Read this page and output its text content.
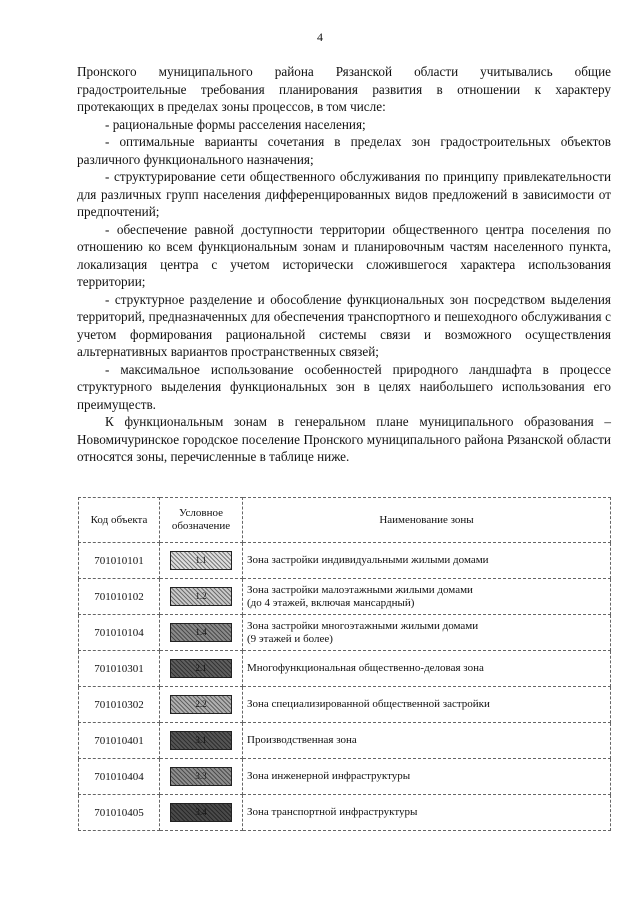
4

Пронского муниципального района Рязанской области учитывались общие градостроительные требования планирования развития в отношении к характеру протекающих в пределах зоны процессов, в том числе:

- рациональные формы расселения населения;

- оптимальные варианты сочетания в пределах зон градостроительных объектов различного функционального назначения;

- структурирование сети общественного обслуживания по принципу привлекательности для различных групп населения дифференцированных видов предложений в зависимости от предпочтений;

- обеспечение равной доступности территории общественного центра поселения по отношению ко всем функциональным зонам и планировочным частям населенного пункта, локализация центра с учетом исторически сложившегося характера использования территории;

- структурное разделение и обособление функциональных зон посредством выделения территорий, предназначенных для обеспечения транспортного и пешеходного обслуживания с учетом формирования рациональной системы связи и возможного осуществления альтернативных вариантов пространственных связей;

- максимальное использование особенностей природного ландшафта в процессе структурного выделения функциональных зон в целях наибольшего использования его преимуществ.

К функциональным зонам в генеральном плане муниципального образования – Новомичуринское городское поселение Пронского муниципального района Рязанской области относятся зоны, перечисленные в таблице ниже.

Код объекта	Условное обозначение	Наименование зоны
701010101	1.1	Зона застройки индивидуальными жилыми домами

701010102	1.2	Зона застройки малоэтажными жилыми домами
(до 4 этажей, включая мансардный)

701010104	1.4	Зона застройки многоэтажными жилыми домами
(9 этажей и более)

701010301	2.1	Многофункциональная общественно-деловая зона

701010302	2.2	Зона специализированной общественной застройки

701010401	3.1	Производственная зона

701010404	3.3	Зона инженерной инфраструктуры

701010405	3.4	Зона транспортной инфраструктуры
